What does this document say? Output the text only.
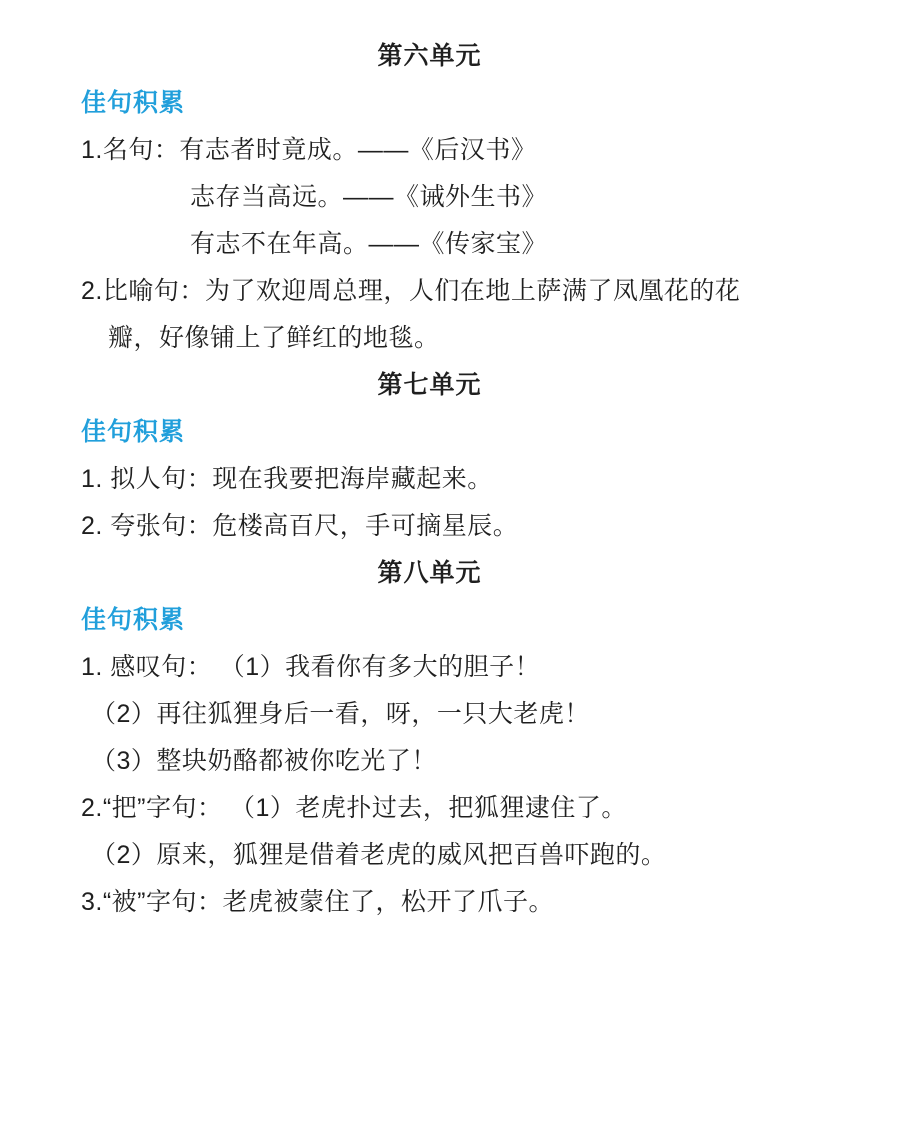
第六单元
佳句积累

1.名句：有志者时竟成。——《后汉书》

志存当高远。——《诫外生书》

有志不在年高。——《传家宝》

2.比喻句：为了欢迎周总理，人们在地上萨满了凤凰花的花

瓣，好像铺上了鲜红的地毯。

第七单元
佳句积累

1. 拟人句：现在我要把海岸藏起来。

2. 夸张句：危楼高百尺，手可摘星辰。

第八单元
佳句积累

1. 感叹句： （1）我看你有多大的胆子！

（2）再往狐狸身后一看，呀，一只大老虎！

（3）整块奶酪都被你吃光了！

2.“把”字句： （1）老虎扑过去，把狐狸逮住了。

（2）原来，狐狸是借着老虎的威风把百兽吓跑的。

3.“被”字句：老虎被蒙住了，松开了爪子。
